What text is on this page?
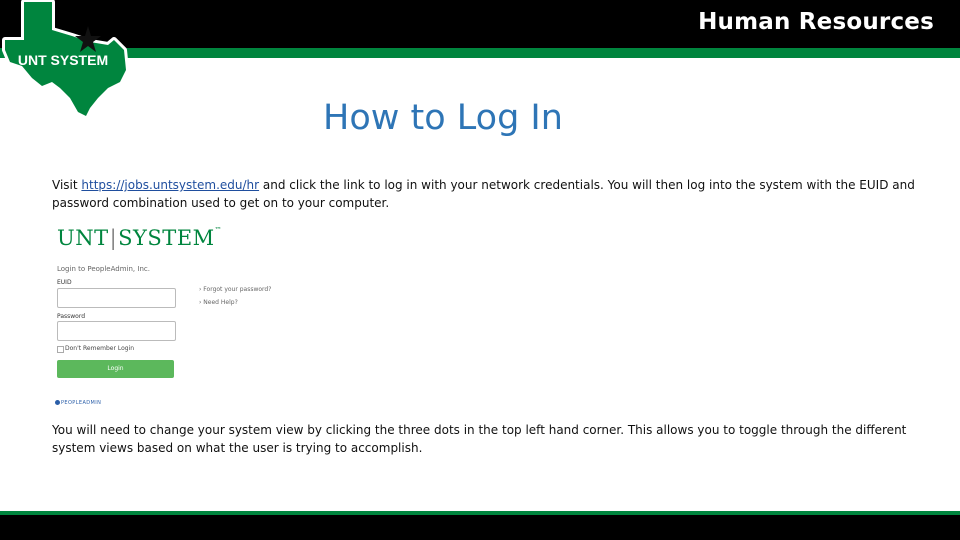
Human Resources
UNT SYSTEM
How to Log In
Visit https://jobs.untsystem.edu/hr and click the link to log in with your network credentials. You will then log into the system with the EUID and password combination used to get on to your computer.
UNT|SYSTEM™
Login to PeopleAdmin, Inc.
EUID
Password
› Forgot your password?
› Need Help?
Don't Remember Login
Login
PEOPLEADMIN
You will need to change your system view by clicking the three dots in the top left hand corner. This allows you to toggle through the different system views based on what the user is trying to accomplish.
